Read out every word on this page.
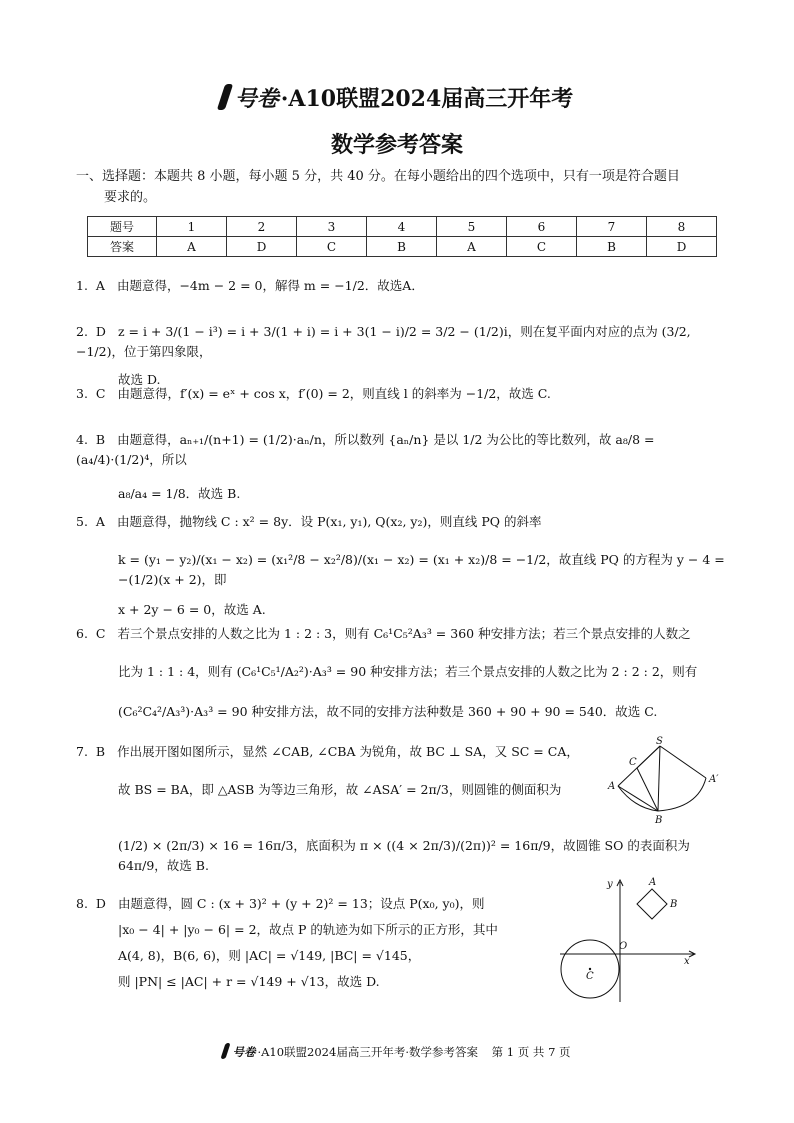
号卷·A10联盟2024届高三开年考
数学参考答案
一、选择题：本题共 8 小题，每小题 5 分，共 40 分。在每小题给出的四个选项中，只有一项是符合题目
要求的。
题号	1	2	3	4	5	6	7	8
答案	A	D	C	B	A	C	B	D
1. A 由题意得，−4m − 2 = 0，解得 m = −1/2．故选A．
2. D z = i + 3/(1 − i³) = i + 3/(1 + i) = i + 3(1 − i)/2 = 3/2 − (1/2)i，则在复平面内对应的点为 (3/2, −1/2)，位于第四象限，
故选 D.
3. C 由题意得，f′(x) = eˣ + cos x，f′(0) = 2，则直线 l 的斜率为 −1/2，故选 C.
4. B 由题意得，aₙ₊₁/(n+1) = (1/2)·aₙ/n，所以数列 {aₙ/n} 是以 1/2 为公比的等比数列，故 a₈/8 = (a₄/4)·(1/2)⁴，所以
a₈/a₄ = 1/8．故选 B.
5. A 由题意得，抛物线 C : x² = 8y．设 P(x₁, y₁), Q(x₂, y₂)，则直线 PQ 的斜率
k = (y₁ − y₂)/(x₁ − x₂) = (x₁²/8 − x₂²/8)/(x₁ − x₂) = (x₁ + x₂)/8 = −1/2，故直线 PQ 的方程为 y − 4 = −(1/2)(x + 2)，即
x + 2y − 6 = 0，故选 A.
6. C 若三个景点安排的人数之比为 1 : 2 : 3，则有 C₆¹C₅²A₃³ = 360 种安排方法；若三个景点安排的人数之
比为 1 : 1 : 4，则有 (C₆¹C₅¹/A₂²)·A₃³ = 90 种安排方法；若三个景点安排的人数之比为 2 : 2 : 2，则有
(C₆²C₄²/A₃³)·A₃³ = 90 种安排方法，故不同的安排方法种数是 360 + 90 + 90 = 540．故选 C.
7. B 作出展开图如图所示，显然 ∠CAB, ∠CBA 为锐角，故 BC ⊥ SA，又 SC = CA，
故 BS = BA，即 △ASB 为等边三角形，故 ∠ASA′ = 2π/3，则圆锥的侧面积为
(1/2) × (2π/3) × 16 = 16π/3，底面积为 π × ((4 × 2π/3)/(2π))² = 16π/9，故圆锥 SO 的表面积为 64π/9，故选 B.
S
C
A
A′
B
8. D 由题意得，圆 C : (x + 3)² + (y + 2)² = 13；设点 P(x₀, y₀)，则
|x₀ − 4| + |y₀ − 6| = 2，故点 P 的轨迹为如下所示的正方形，其中
A(4, 8)，B(6, 6)，则 |AC| = √149, |BC| = √145，
则 |PN| ≤ |AC| + r = √149 + √13，故选 D.
y	A
B
O
x
C
号卷 ·A10联盟2024届高三开年考·数学参考答案 第 1 页 共 7 页
